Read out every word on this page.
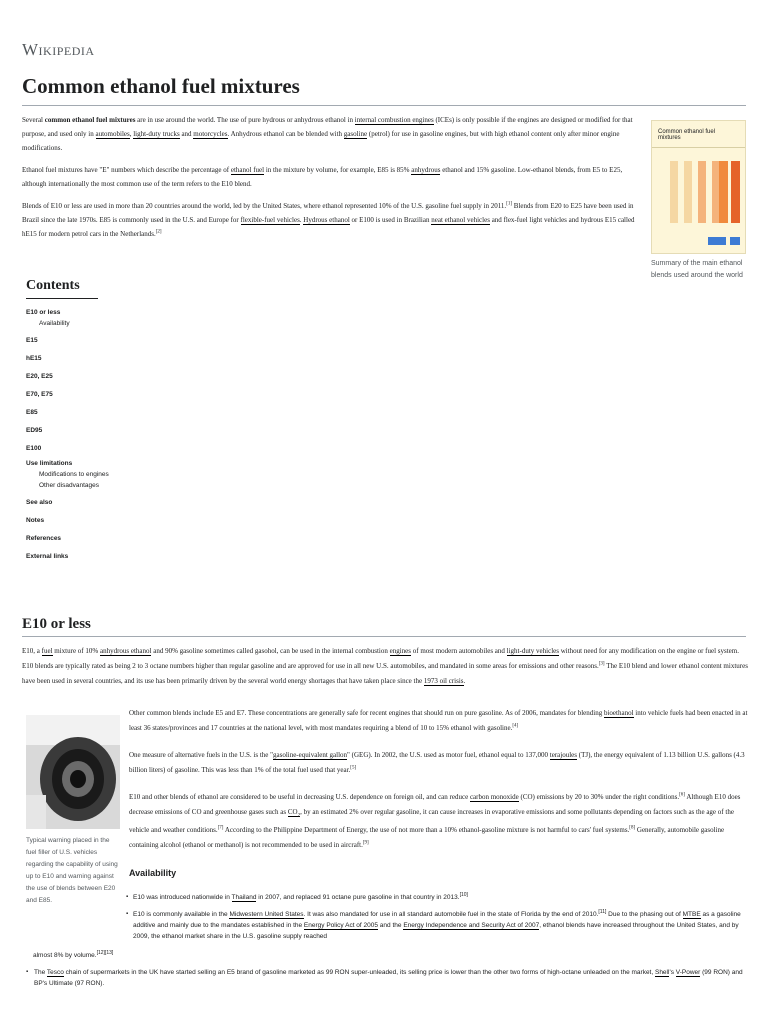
Wikipedia
Common ethanol fuel mixtures

Several common ethanol fuel mixtures are in use around the world. The use of pure hydrous or anhydrous ethanol in internal combustion engines (ICEs) is only possible if the engines are designed or modified for that purpose, and used only in automobiles, light-duty trucks and motorcycles. Anhydrous ethanol can be blended with gasoline (petrol) for use in gasoline engines, but with high ethanol content only after minor engine modifications.

Ethanol fuel mixtures have "E" numbers which describe the percentage of ethanol fuel in the mixture by volume, for example, E85 is 85% anhydrous ethanol and 15% gasoline. Low-ethanol blends, from E5 to E25, although internationally the most common use of the term refers to the E10 blend.

Blends of E10 or less are used in more than 20 countries around the world, led by the United States, where ethanol represented 10% of the U.S. gasoline fuel supply in 2011.[1] Blends from E20 to E25 have been used in Brazil since the late 1970s. E85 is commonly used in the U.S. and Europe for flexible-fuel vehicles. Hydrous ethanol or E100 is used in Brazilian neat ethanol vehicles and flex-fuel light vehicles and hydrous E15 called hE15 for modern petrol cars in the Netherlands.[2]

Common ethanol fuel mixtures
Summary of the main ethanol blends used around the world
Contents
E10 or less
Availability
E15
hE15
E20, E25
E70, E75
E85
ED95
E100
Use limitations
Modifications to engines
Other disadvantages
See also
Notes
References
External links
E10 or less

E10, a fuel mixture of 10% anhydrous ethanol and 90% gasoline sometimes called gasohol, can be used in the internal combustion engines of most modern automobiles and light-duty vehicles without need for any modification on the engine or fuel system. E10 blends are typically rated as being 2 to 3 octane numbers higher than regular gasoline and are approved for use in all new U.S. automobiles, and mandated in some areas for emissions and other reasons.[3] The E10 blend and lower ethanol content mixtures have been used in several countries, and its use has been primarily driven by the several world energy shortages that have taken place since the 1973 oil crisis.

Typical warning placed in the fuel filler of U.S. vehicles regarding the capability of using up to E10 and warning against the use of blends between E20 and E85.

Other common blends include E5 and E7. These concentrations are generally safe for recent engines that should run on pure gasoline. As of 2006, mandates for blending bioethanol into vehicle fuels had been enacted in at least 36 states/provinces and 17 countries at the national level, with most mandates requiring a blend of 10 to 15% ethanol with gasoline.[4]

One measure of alternative fuels in the U.S. is the "gasoline-equivalent gallon" (GEG). In 2002, the U.S. used as motor fuel, ethanol equal to 137,000 terajoules (TJ), the energy equivalent of 1.13 billion U.S. gallons (4.3 billion liters) of gasoline. This was less than 1% of the total fuel used that year.[5]

E10 and other blends of ethanol are considered to be useful in decreasing U.S. dependence on foreign oil, and can reduce carbon monoxide (CO) emissions by 20 to 30% under the right conditions.[6] Although E10 does decrease emissions of CO and greenhouse gases such as $CO_2$, by an estimated 2% over regular gasoline, it can cause increases in evaporative emissions and some pollutants depending on factors such as the age of the vehicle and weather conditions.[7] According to the Philippine Department of Energy, the use of not more than a 10% ethanol-gasoline mixture is not harmful to cars' fuel systems.[8] Generally, automobile gasoline containing alcohol (ethanol or methanol) is not recommended to be used in aircraft.[9]

Availability
▪ E10 was introduced nationwide in Thailand in 2007, and replaced 91 octane pure gasoline in that country in 2013.[10]
▪ E10 is commonly available in the Midwestern United States. It was also mandated for use in all standard automobile fuel in the state of Florida by the end of 2010.[11] Due to the phasing out of MTBE as a gasoline additive and mainly due to the mandates established in the Energy Policy Act of 2005 and the Energy Independence and Security Act of 2007, ethanol blends have increased throughout the United States, and by 2009, the ethanol market share in the U.S. gasoline supply reached
almost 8% by volume.[12][13]
▪ The Tesco chain of supermarkets in the UK have started selling an E5 brand of gasoline marketed as 99 RON super-unleaded, its selling price is lower than the other two forms of high-octane unleaded on the market, Shell's V-Power (99 RON) and BP's Ultimate (97 RON).
